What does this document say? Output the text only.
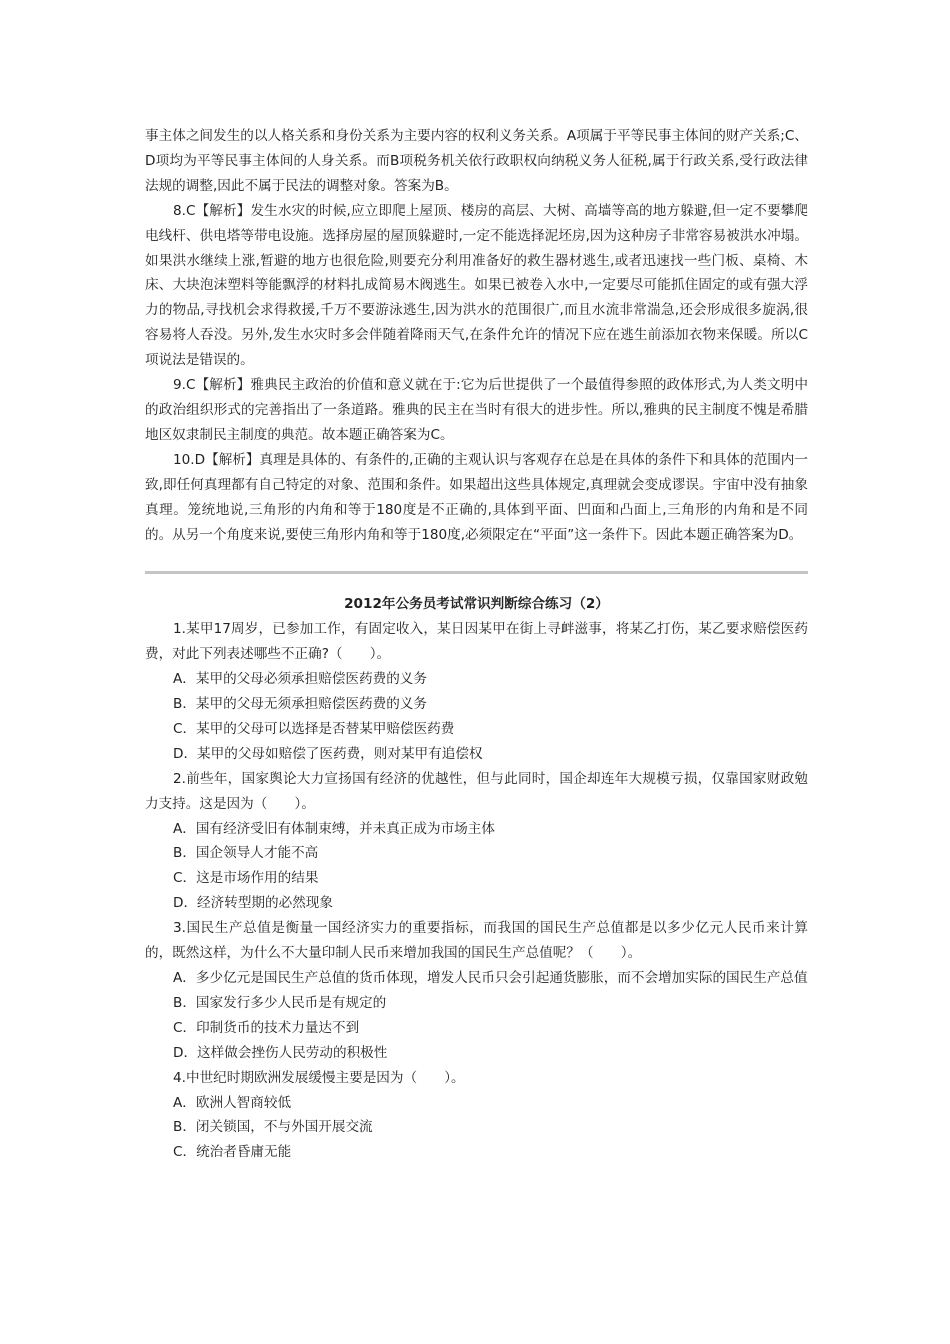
事主体之间发生的以人格关系和身份关系为主要内容的权利义务关系。A项属于平等民事主体间的财产关系;C、D项均为平等民事主体间的人身关系。而B项税务机关依行政职权向纳税义务人征税,属于行政关系,受行政法律法规的调整,因此不属于民法的调整对象。答案为B。

8.C【解析】发生水灾的时候,应立即爬上屋顶、楼房的高层、大树、高墙等高的地方躲避,但一定不要攀爬电线杆、供电塔等带电设施。选择房屋的屋顶躲避时,一定不能选择泥坯房,因为这种房子非常容易被洪水冲塌。如果洪水继续上涨,暂避的地方也很危险,则要充分利用准备好的救生器材逃生,或者迅速找一些门板、桌椅、木床、大块泡沫塑料等能飘浮的材料扎成简易木阀逃生。如果已被卷入水中,一定要尽可能抓住固定的或有强大浮力的物品,寻找机会求得救援,千万不要游泳逃生,因为洪水的范围很广,而且水流非常湍急,还会形成很多旋涡,很容易将人吞没。另外,发生水灾时多会伴随着降雨天气,在条件允许的情况下应在逃生前添加衣物来保暖。所以C项说法是错误的。

9.C【解析】雅典民主政治的价值和意义就在于:它为后世提供了一个最值得参照的政体形式,为人类文明中的政治组织形式的完善指出了一条道路。雅典的民主在当时有很大的进步性。所以,雅典的民主制度不愧是希腊地区奴隶制民主制度的典范。故本题正确答案为C。

10.D【解析】真理是具体的、有条件的,正确的主观认识与客观存在总是在具体的条件下和具体的范围内一致,即任何真理都有自己特定的对象、范围和条件。如果超出这些具体规定,真理就会变成谬误。宇宙中没有抽象真理。笼统地说,三角形的内角和等于180度是不正确的,具体到平面、凹面和凸面上,三角形的内角和是不同的。从另一个角度来说,要使三角形内角和等于180度,必须限定在“平面”这一条件下。因此本题正确答案为D。

2012年公务员考试常识判断综合练习（2）

1.某甲17周岁，已参加工作，有固定收入，某日因某甲在街上寻衅滋事，将某乙打伤，某乙要求赔偿医药费，对此下列表述哪些不正确?（　　）。

A．某甲的父母必须承担赔偿医药费的义务

B．某甲的父母无须承担赔偿医药费的义务

C．某甲的父母可以选择是否替某甲赔偿医药费

D．某甲的父母如赔偿了医药费，则对某甲有追偿权

2.前些年，国家舆论大力宣扬国有经济的优越性，但与此同时，国企却连年大规模亏损，仅靠国家财政勉力支持。这是因为（　　）。

A．国有经济受旧有体制束缚，并未真正成为市场主体

B．国企领导人才能不高

C．这是市场作用的结果

D．经济转型期的必然现象

3.国民生产总值是衡量一国经济实力的重要指标，而我国的国民生产总值都是以多少亿元人民币来计算的，既然这样，为什么不大量印制人民币来增加我国的国民生产总值呢？（　　）。

A．多少亿元是国民生产总值的货币体现，增发人民币只会引起通货膨胀，而不会增加实际的国民生产总值

B．国家发行多少人民币是有规定的

C．印制货币的技术力量达不到

D．这样做会挫伤人民劳动的积极性

4.中世纪时期欧洲发展缓慢主要是因为（　　）。

A．欧洲人智商较低

B．闭关锁国，不与外国开展交流

C．统治者昏庸无能
